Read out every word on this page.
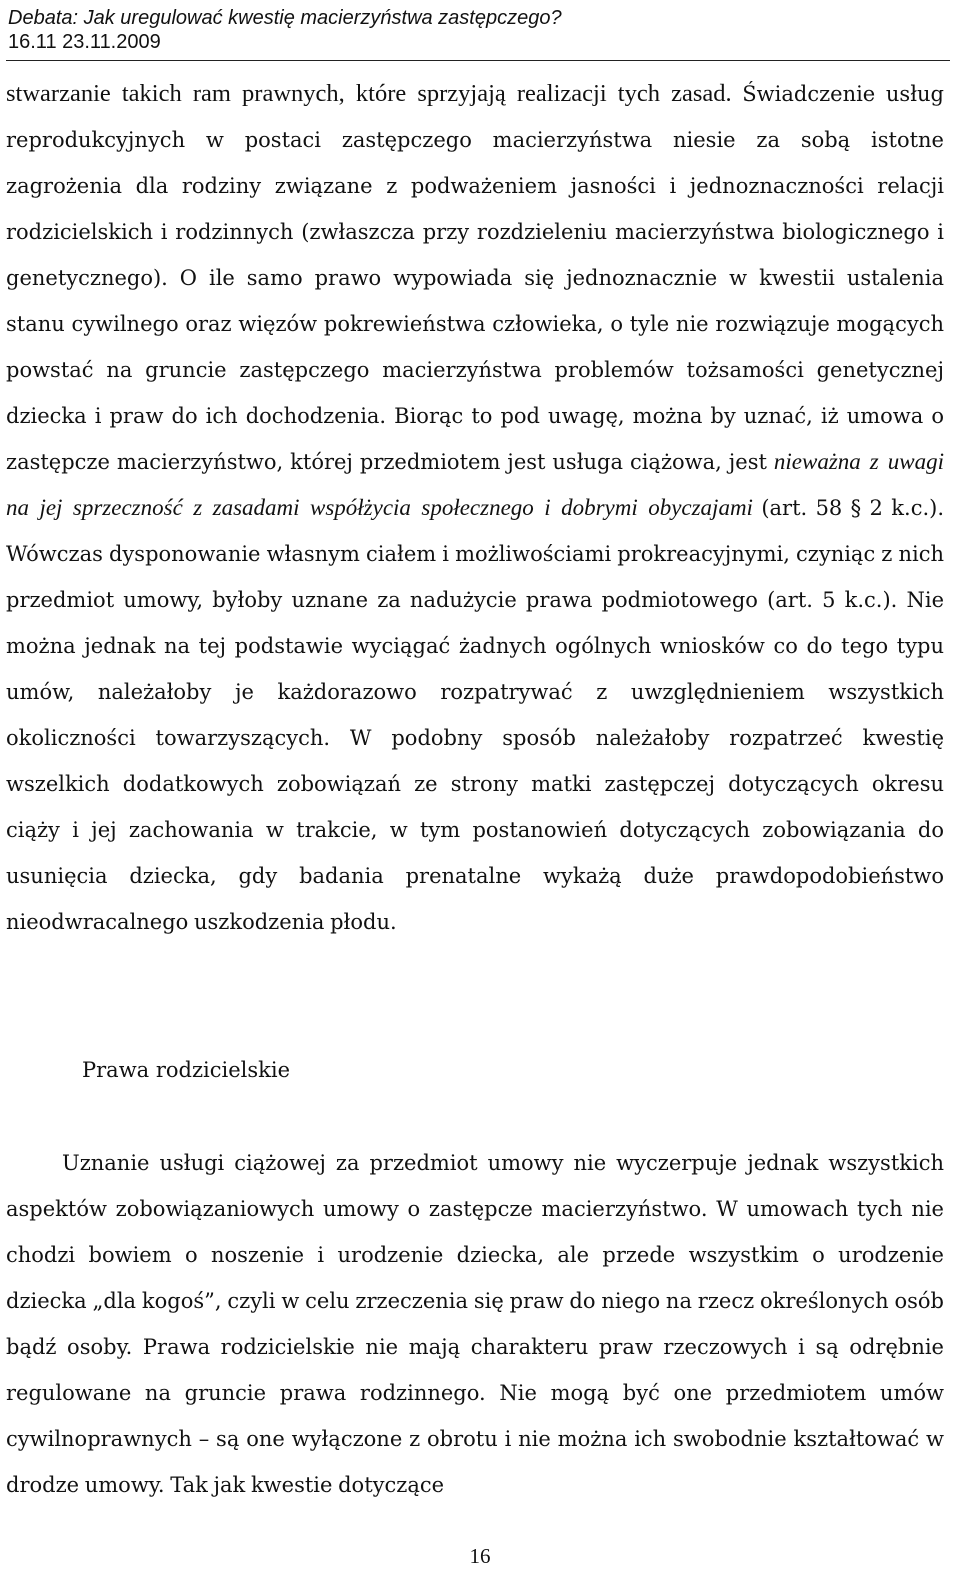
Debata: Jak uregulować kwestię macierzyństwa zastępczego?
16.11 23.11.2009
stwarzanie takich ram prawnych, które sprzyjają realizacji tych zasad. Świadczenie usług reprodukcyjnych w postaci zastępczego macierzyństwa niesie za sobą istotne zagrożenia dla rodziny związane z podważeniem jasności i jednoznaczności relacji rodzicielskich i rodzinnych (zwłaszcza przy rozdzieleniu macierzyństwa biologicznego i genetycznego). O ile samo prawo wypowiada się jednoznacznie w kwestii ustalenia stanu cywilnego oraz więzów pokrewieństwa człowieka, o tyle nie rozwiązuje mogących powstać na gruncie zastępczego macierzyństwa problemów tożsamości genetycznej dziecka i praw do ich dochodzenia. Biorąc to pod uwagę, można by uznać, iż umowa o zastępcze macierzyństwo, której przedmiotem jest usługa ciążowa, jest nieważna z uwagi na jej sprzeczność z zasadami współżycia społecznego i dobrymi obyczajami (art. 58 § 2 k.c.). Wówczas dysponowanie własnym ciałem i możliwościami prokreacyjnymi, czyniąc z nich przedmiot umowy, byłoby uznane za nadużycie prawa podmiotowego (art. 5 k.c.). Nie można jednak na tej podstawie wyciągać żadnych ogólnych wniosków co do tego typu umów, należałoby je każdorazowo rozpatrywać z uwzględnieniem wszystkich okoliczności towarzyszących. W podobny sposób należałoby rozpatrzeć kwestię wszelkich dodatkowych zobowiązań ze strony matki zastępczej dotyczących okresu ciąży i jej zachowania w trakcie, w tym postanowień dotyczących zobowiązania do usunięcia dziecka, gdy badania prenatalne wykażą duże prawdopodobieństwo nieodwracalnego uszkodzenia płodu.
Prawa rodzicielskie
Uznanie usługi ciążowej za przedmiot umowy nie wyczerpuje jednak wszystkich aspektów zobowiązaniowych umowy o zastępcze macierzyństwo. W umowach tych nie chodzi bowiem o noszenie i urodzenie dziecka, ale przede wszystkim o urodzenie dziecka „dla kogoś”, czyli w celu zrzeczenia się praw do niego na rzecz określonych osób bądź osoby. Prawa rodzicielskie nie mają charakteru praw rzeczowych i są odrębnie regulowane na gruncie prawa rodzinnego. Nie mogą być one przedmiotem umów cywilnoprawnych – są one wyłączone z obrotu i nie można ich swobodnie kształtować w drodze umowy. Tak jak kwestie dotyczące
16
